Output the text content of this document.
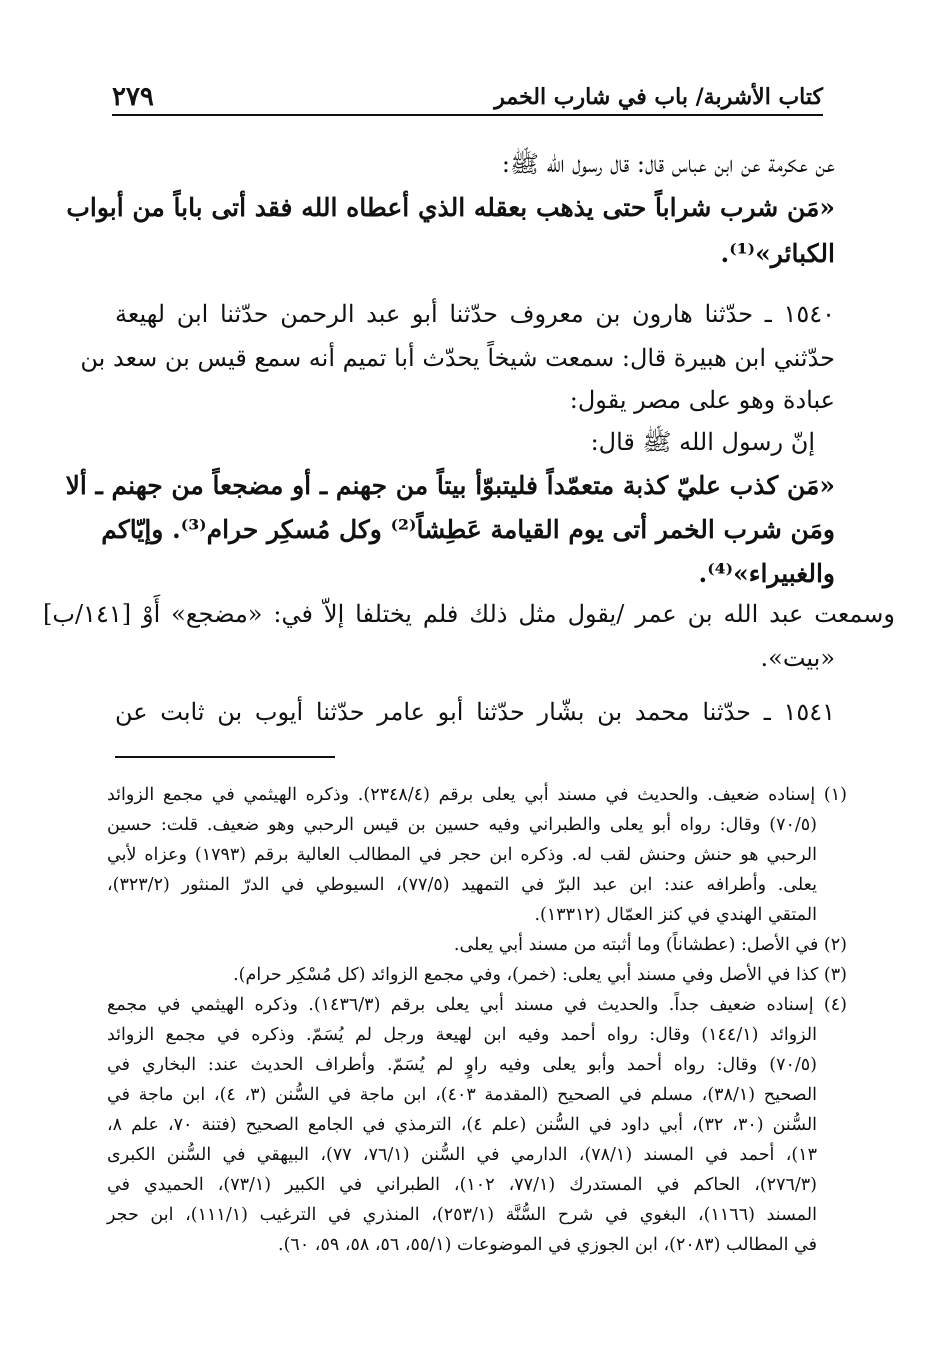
كتاب الأشربة/ باب في شارب الخمر
٢٧٩
عن عكرمة عن ابن عباس قال: قال رسول الله ﷺ:
«مَن شرب شراباً حتى يذهب بعقله الذي أعطاه الله فقد أتى باباً من أبواب
الكبائر»⁽¹⁾.
١٥٤٠ ـ حدّثنا هارون بن معروف حدّثنا أبو عبد الرحمن حدّثنا ابن لهيعة
حدّثني ابن هبيرة قال: سمعت شيخاً يحدّث أبا تميم أنه سمع قيس بن سعد بن
عبادة وهو على مصر يقول:
إنّ رسول الله ﷺ قال:
«مَن كذب عليّ كذبة متعمّداً فليتبوّأ بيتاً من جهنم ـ أو مضجعاً من جهنم ـ ألا
ومَن شرب الخمر أتى يوم القيامة عَطِشاً⁽²⁾ وكل مُسكِر حرام⁽³⁾. وإيّاكم
والغبيراء»⁽⁴⁾.
وسمعت عبد الله بن عمر /يقول مثل ذلك فلم يختلفا إلاّ في: «مضجع» أَوْ [١٤١/ب]
«بيت».
١٥٤١ ـ حدّثنا محمد بن بشّار حدّثنا أبو عامر حدّثنا أيوب بن ثابت عن
(١) إسناده ضعيف. والحديث في مسند أبي يعلى برقم (٢٣٤٨/٤). وذكره الهيثمي في مجمع الزوائد
(٧٠/٥) وقال: رواه أبو يعلى والطبراني وفيه حسين بن قيس الرحبي وهو ضعيف. قلت: حسين
الرحبي هو حنش وحنش لقب له. وذكره ابن حجر في المطالب العالية برقم (١٧٩٣) وعزاه لأبي
يعلى. وأطرافه عند: ابن عبد البرّ في التمهيد (٧٧/٥)، السيوطي في الدرّ المنثور (٣٢٣/٢)،
المتقي الهندي في كنز العمّال (١٣٣١٢).
(٢) في الأصل: (عطشاناً) وما أثبته من مسند أبي يعلى.
(٣) كذا في الأصل وفي مسند أبي يعلى: (خمر)، وفي مجمع الزوائد (كل مُسْكِر حرام).
(٤) إسناده ضعيف جداً. والحديث في مسند أبي يعلى برقم (١٤٣٦/٣). وذكره الهيثمي في مجمع
الزوائد (١٤٤/١) وقال: رواه أحمد وفيه ابن لهيعة ورجل لم يُسَمّ. وذكره في مجمع الزوائد
(٧٠/٥) وقال: رواه أحمد وأبو يعلى وفيه راوٍ لم يُسَمّ. وأطراف الحديث عند: البخاري في
الصحيح (٣٨/١)، مسلم في الصحيح (المقدمة ٤٠٣)، ابن ماجة في السُّنن (٣، ٤)، ابن ماجة في
السُّنن (٣٠، ٣٢)، أبي داود في السُّنن (علم ٤)، الترمذي في الجامع الصحيح (فتنة ٧٠، علم ٨،
١٣)، أحمد في المسند (٧٨/١)، الدارمي في السُّنن (٧٦/١، ٧٧)، البيهقي في السُّنن الكبرى
(٢٧٦/٣)، الحاكم في المستدرك (٧٧/١، ١٠٢)، الطبراني في الكبير (٧٣/١)، الحميدي في
المسند (١١٦٦)، البغوي في شرح السُّنَّة (٢٥٣/١)، المنذري في الترغيب (١١١/١)، ابن حجر
في المطالب (٢٠٨٣)، ابن الجوزي في الموضوعات (٥٥/١، ٥٦، ٥٨، ٥٩، ٦٠).
